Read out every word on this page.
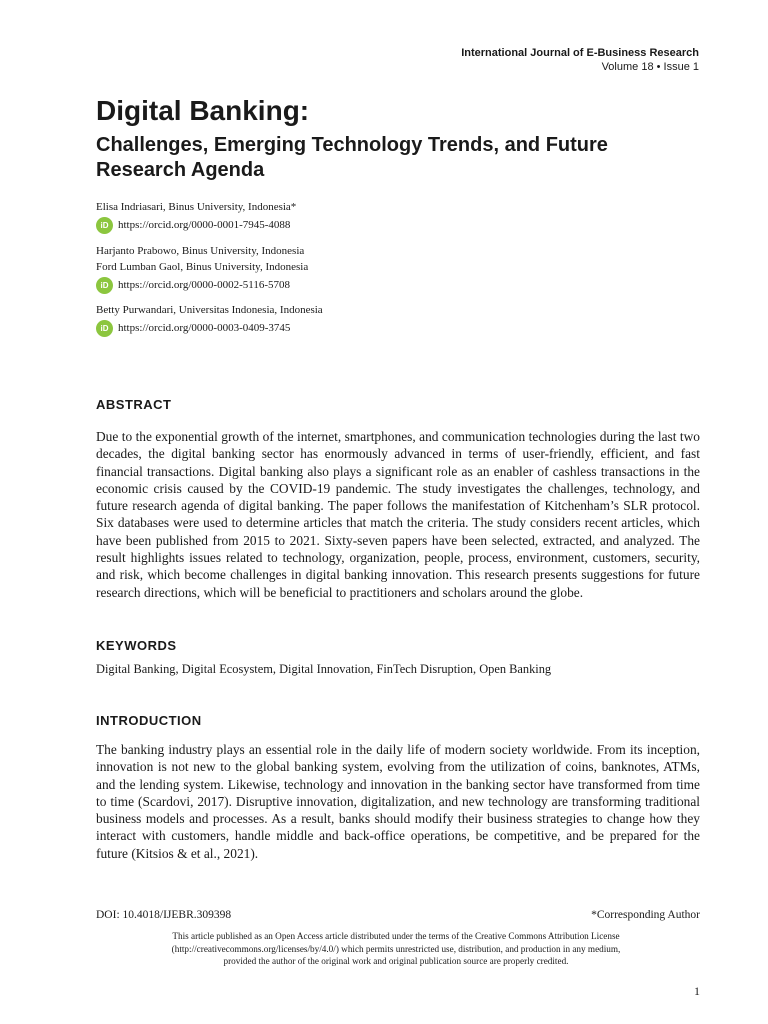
International Journal of E-Business Research
Volume 18 • Issue 1
Digital Banking:
Challenges, Emerging Technology Trends, and Future Research Agenda
Elisa Indriasari, Binus University, Indonesia*
iD https://orcid.org/0000-0001-7945-4088
Harjanto Prabowo, Binus University, Indonesia
Ford Lumban Gaol, Binus University, Indonesia
iD https://orcid.org/0000-0002-5116-5708
Betty Purwandari, Universitas Indonesia, Indonesia
iD https://orcid.org/0000-0003-0409-3745
ABSTRACT

Due to the exponential growth of the internet, smartphones, and communication technologies during the last two decades, the digital banking sector has enormously advanced in terms of user-friendly, efficient, and fast financial transactions. Digital banking also plays a significant role as an enabler of cashless transactions in the economic crisis caused by the COVID-19 pandemic. The study investigates the challenges, technology, and future research agenda of digital banking. The paper follows the manifestation of Kitchenham’s SLR protocol. Six databases were used to determine articles that match the criteria. The study considers recent articles, which have been published from 2015 to 2021. Sixty-seven papers have been selected, extracted, and analyzed. The result highlights issues related to technology, organization, people, process, environment, customers, security, and risk, which become challenges in digital banking innovation. This research presents suggestions for future research directions, which will be beneficial to practitioners and scholars around the globe.

KEYWORDS
Digital Banking, Digital Ecosystem, Digital Innovation, FinTech Disruption, Open Banking
INTRODUCTION

The banking industry plays an essential role in the daily life of modern society worldwide. From its inception, innovation is not new to the global banking system, evolving from the utilization of coins, banknotes, ATMs, and the lending system. Likewise, technology and innovation in the banking sector have transformed from time to time (Scardovi, 2017). Disruptive innovation, digitalization, and new technology are transforming traditional business models and processes. As a result, banks should modify their business strategies to change how they interact with customers, handle middle and back-office operations, be competitive, and be prepared for the future (Kitsios & et al., 2021).

DOI: 10.4018/IJEBR.309398	*Corresponding Author
This article published as an Open Access article distributed under the terms of the Creative Commons Attribution License
(http://creativecommons.org/licenses/by/4.0/) which permits unrestricted use, distribution, and production in any medium,
provided the author of the original work and original publication source are properly credited.
1
